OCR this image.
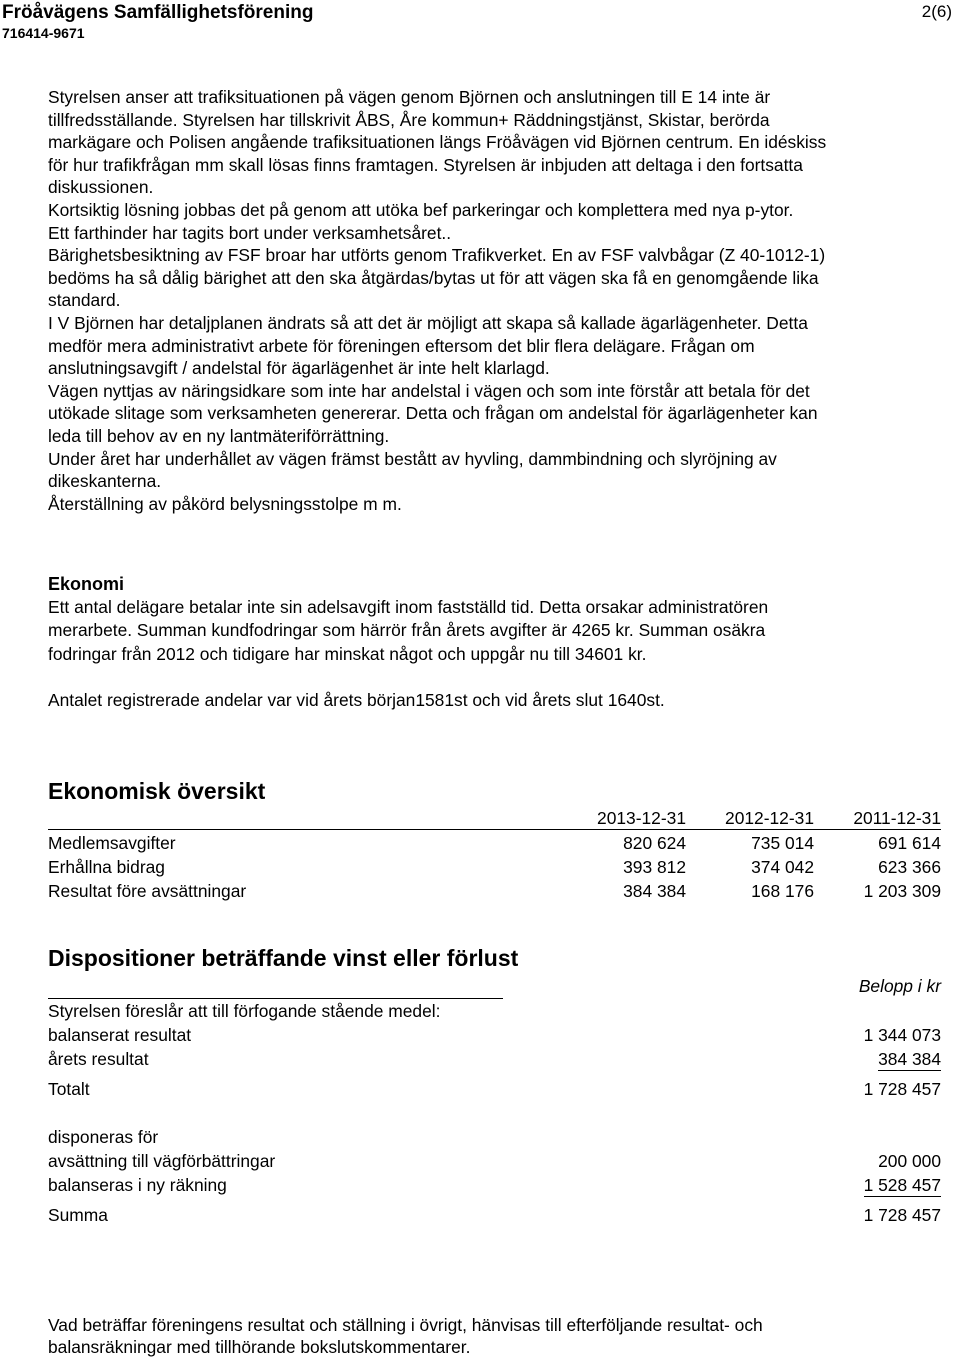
Fröåvägens Samfällighetsförening
716414-9671
2(6)

Styrelsen anser att trafiksituationen på vägen genom Björnen och anslutningen till E 14 inte är

tillfredsställande. Styrelsen har tillskrivit ÅBS, Åre kommun+ Räddningstjänst, Skistar, berörda

markägare och Polisen angående trafiksituationen längs Fröåvägen vid Björnen centrum. En idéskiss

för hur trafikfrågan mm skall lösas finns framtagen. Styrelsen är inbjuden att deltaga i den fortsatta

diskussionen.

Kortsiktig lösning jobbas det på genom att utöka bef parkeringar och komplettera med nya p-ytor.

Ett farthinder har tagits bort under verksamhetsåret..

Bärighetsbesiktning av FSF broar har utförts genom Trafikverket. En av FSF valvbågar (Z 40-1012-1)

bedöms ha så dålig bärighet att den ska åtgärdas/bytas ut för att vägen ska få en genomgående lika

standard.

I V Björnen har detaljplanen ändrats så att det är möjligt att skapa så kallade ägarlägenheter. Detta

medför mera administrativt arbete för föreningen eftersom det blir flera delägare. Frågan om

anslutningsavgift / andelstal för ägarlägenhet är inte helt klarlagd.

Vägen nyttjas av näringsidkare som inte har andelstal i vägen och som inte förstår att betala för det

utökade slitage som verksamheten genererar. Detta och frågan om andelstal för ägarlägenheter kan

leda till behov av en ny lantmäteriförrättning.

Under året har underhållet av vägen främst bestått av hyvling, dammbindning och slyröjning av

dikeskanterna.

Återställning av påkörd belysningsstolpe m m.

Ekonomi

Ett antal delägare betalar inte sin adelsavgift inom fastställd tid. Detta orsakar administratören

merarbete. Summan kundfodringar som härrör från årets avgifter är 4265 kr. Summan osäkra

fodringar från 2012 och tidigare har minskat något och uppgår nu till 34601 kr.

Antalet registrerade andelar var vid årets början1581st och vid årets slut 1640st.

Ekonomisk översikt
	2013-12-31	2012-12-31	2011-12-31
Medlemsavgifter	820 624	735 014	691 614
Erhållna bidrag	393 812	374 042	623 366
Resultat före avsättningar	384 384	168 176	1 203 309
Dispositioner beträffande vinst eller förlust
Belopp i kr
Styrelsen föreslår att till förfogande stående medel:
balanserat resultat	1 344 073
årets resultat	384 384
Totalt	1 728 457
disponeras för
avsättning till vägförbättringar	200 000
balanseras i ny räkning	1 528 457
Summa	1 728 457
Vad beträffar föreningens resultat och ställning i övrigt, hänvisas till efterföljande resultat- och
balansräkningar med tillhörande bokslutskommentarer.
